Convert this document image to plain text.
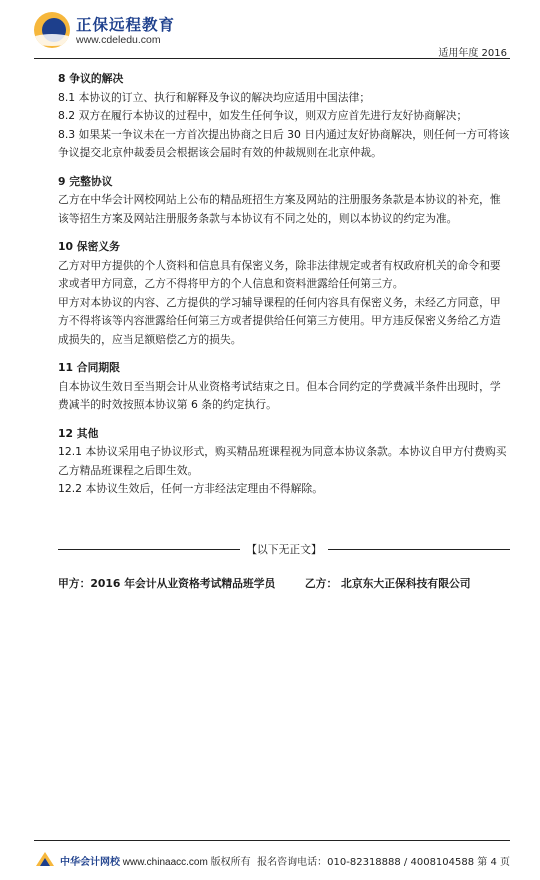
正保远程教育
www.cdeledu.com
适用年度 2016
8 争议的解决
8.1 本协议的订立、执行和解释及争议的解决均应适用中国法律；
8.2 双方在履行本协议的过程中，如发生任何争议，则双方应首先进行友好协商解决；
8.3 如果某一争议未在一方首次提出协商之日后 30 日内通过友好协商解决，则任何一方可将该争议提交北京仲裁委员会根据该会届时有效的仲裁规则在北京仲裁。
9 完整协议
乙方在中华会计网校网站上公布的精品班招生方案及网站的注册服务条款是本协议的补充，惟该等招生方案及网站注册服务条款与本协议有不同之处的，则以本协议的约定为准。
10 保密义务
乙方对甲方提供的个人资料和信息具有保密义务，除非法律规定或者有权政府机关的命令和要求或者甲方同意，乙方不得将甲方的个人信息和资料泄露给任何第三方。
甲方对本协议的内容、乙方提供的学习辅导课程的任何内容具有保密义务，未经乙方同意，甲方不得将该等内容泄露给任何第三方或者提供给任何第三方使用。甲方违反保密义务给乙方造成损失的，应当足额赔偿乙方的损失。
11 合同期限
自本协议生效日至当期会计从业资格考试结束之日。但本合同约定的学费减半条件出现时，学费减半的时效按照本协议第 6 条的约定执行。
12 其他
12.1 本协议采用电子协议形式，购买精品班课程视为同意本协议条款。本协议自甲方付费购买乙方精品班课程之后即生效。
12.2 本协议生效后，任何一方非经法定理由不得解除。
【以下无正文】
甲方：2016 年会计从业资格考试精品班学员	乙方： 北京东大正保科技有限公司
中华会计网校 www.chinaacc.com 版权所有 报名咨询电话：010-82318888 / 4008104588 第 4 页
